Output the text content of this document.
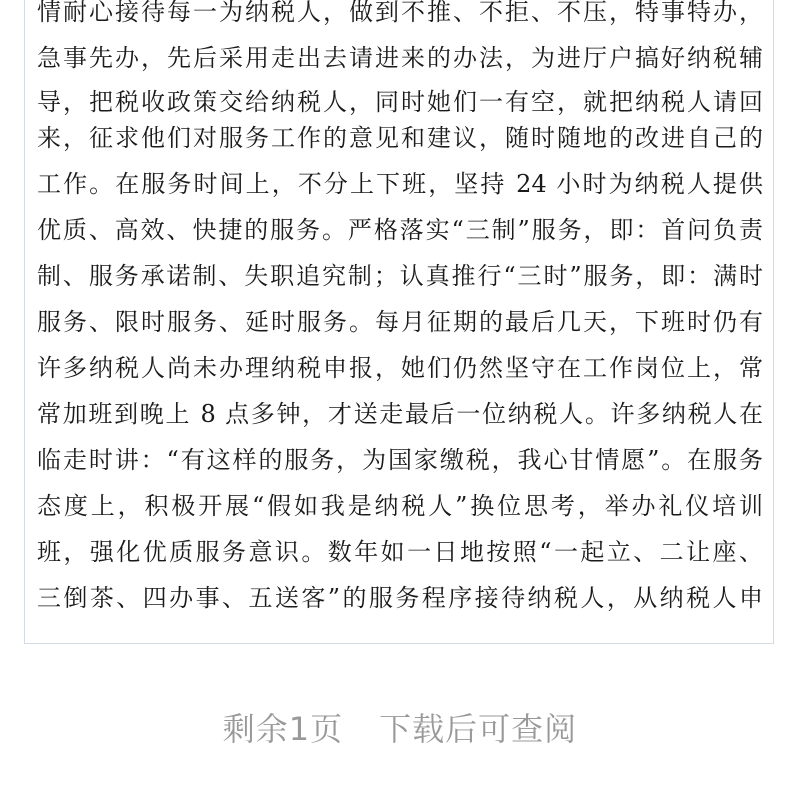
情耐心接待每一为纳税人，做到不推、不拒、不压，特事特办，
急事先办，先后采用走出去请进来的办法，为进厅户搞好纳税辅
导，把税收政策交给纳税人，同时她们一有空，就把纳税人请回
来，征求他们对服务工作的意见和建议，随时随地的改进自己的
工作。在服务时间上，不分上下班，坚持 24 小时为纳税人提供
优质、高效、快捷的服务。严格落实“三制”服务，即：首问负责
制、服务承诺制、失职追究制；认真推行“三时”服务，即：满时
服务、限时服务、延时服务。每月征期的最后几天，下班时仍有
许多纳税人尚未办理纳税申报，她们仍然坚守在工作岗位上，常
常加班到晚上 8 点多钟，才送走最后一位纳税人。许多纳税人在
临走时讲：“有这样的服务，为国家缴税，我心甘情愿”。在服务
态度上，积极开展“假如我是纳税人”换位思考，举办礼仪培训
班，强化优质服务意识。数年如一日地按照“一起立、二让座、
三倒茶、四办事、五送客”的服务程序接待纳税人，从纳税人申
剩余1页 下载后可查阅
